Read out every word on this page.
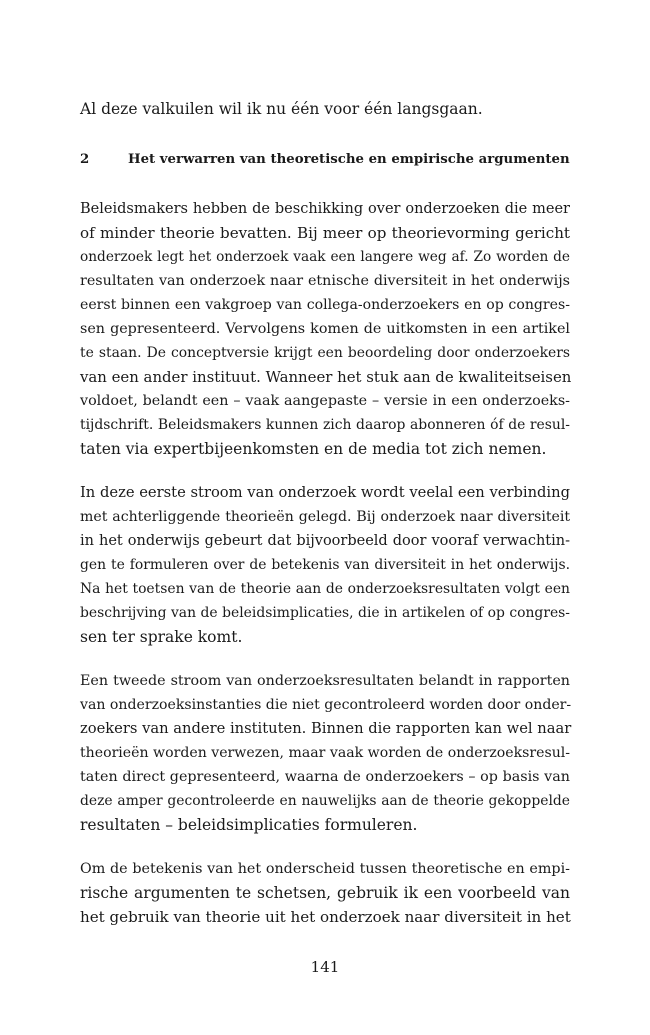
Al deze valkuilen wil ik nu één voor één langsgaan.
2	Het verwarren van theoretische en empirische argumenten
Beleidsmakers hebben de beschikking over onderzoeken die meer
of minder theorie bevatten. Bij meer op theorievorming gericht
onderzoek legt het onderzoek vaak een langere weg af. Zo worden de
resultaten van onderzoek naar etnische diversiteit in het onderwijs
eerst binnen een vakgroep van collega-onderzoekers en op congres-
sen gepresenteerd. Vervolgens komen de uitkomsten in een artikel
te staan. De conceptversie krijgt een beoordeling door onderzoekers
van een ander instituut. Wanneer het stuk aan de kwaliteitseisen
voldoet, belandt een – vaak aangepaste – versie in een onderzoeks-
tijdschrift. Beleidsmakers kunnen zich daarop abonneren óf de resul-
taten via expertbijeenkomsten en de media tot zich nemen.
In deze eerste stroom van onderzoek wordt veelal een verbinding
met achterliggende theorieën gelegd. Bij onderzoek naar diversiteit
in het onderwijs gebeurt dat bijvoorbeeld door vooraf verwachtin-
gen te formuleren over de betekenis van diversiteit in het onderwijs.
Na het toetsen van de theorie aan de onderzoeksresultaten volgt een
beschrijving van de beleidsimplicaties, die in artikelen of op congres-
sen ter sprake komt.
Een tweede stroom van onderzoeksresultaten belandt in rapporten
van onderzoeksinstanties die niet gecontroleerd worden door onder-
zoekers van andere instituten. Binnen die rapporten kan wel naar
theorieën worden verwezen, maar vaak worden de onderzoeksresul-
taten direct gepresenteerd, waarna de onderzoekers – op basis van
deze amper gecontroleerde en nauwelijks aan de theorie gekoppelde
resultaten – beleidsimplicaties formuleren.
Om de betekenis van het onderscheid tussen theoretische en empi-
rische argumenten te schetsen, gebruik ik een voorbeeld van
het gebruik van theorie uit het onderzoek naar diversiteit in het
141
